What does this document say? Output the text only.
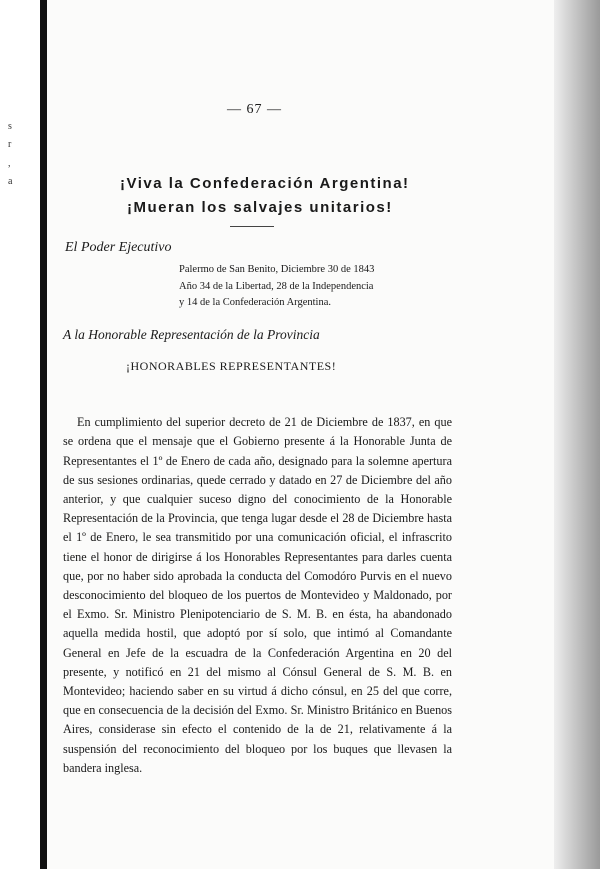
s
r
,
a
— 67 —
¡Viva la Confederación Argentina!
¡Mueran los salvajes unitarios!
El Poder Ejecutivo
Palermo de San Benito, Diciembre 30 de 1843
Año 34 de la Libertad, 28 de la Independencia
y 14 de la Confederación Argentina.
A la Honorable Representación de la Provincia
¡HONORABLES REPRESENTANTES!

En cumplimiento del superior decreto de 21 de Diciembre de 1837, en que se ordena que el mensaje que el Gobierno presente á la Honorable Junta de Representantes el 1º de Enero de cada año, designado para la solemne apertura de sus sesiones ordinarias, quede cerrado y datado en 27 de Diciembre del año anterior, y que cualquier suceso digno del conocimiento de la Honorable Representación de la Provincia, que tenga lugar desde el 28 de Diciembre hasta el 1º de Enero, le sea transmitido por una comunicación oficial, el infrascrito tiene el honor de dirigirse á los Honorables Representantes para darles cuenta que, por no haber sido aprobada la conducta del Comodóro Purvis en el nuevo desconocimiento del bloqueo de los puertos de Montevideo y Maldonado, por el Exmo. Sr. Ministro Plenipotenciario de S. M. B. en ésta, ha abandonado aquella medida hostil, que adoptó por sí solo, que intimó al Comandante General en Jefe de la escuadra de la Confederación Argentina en 20 del presente, y notificó en 21 del mismo al Cónsul General de S. M. B. en Montevideo; haciendo saber en su virtud á dicho cónsul, en 25 del que corre, que en consecuencia de la decisión del Exmo. Sr. Ministro Británico en Buenos Aires, considerase sin efecto el contenido de la de 21, relativamente á la suspensión del reconocimiento del bloqueo por los buques que llevasen la bandera inglesa.
